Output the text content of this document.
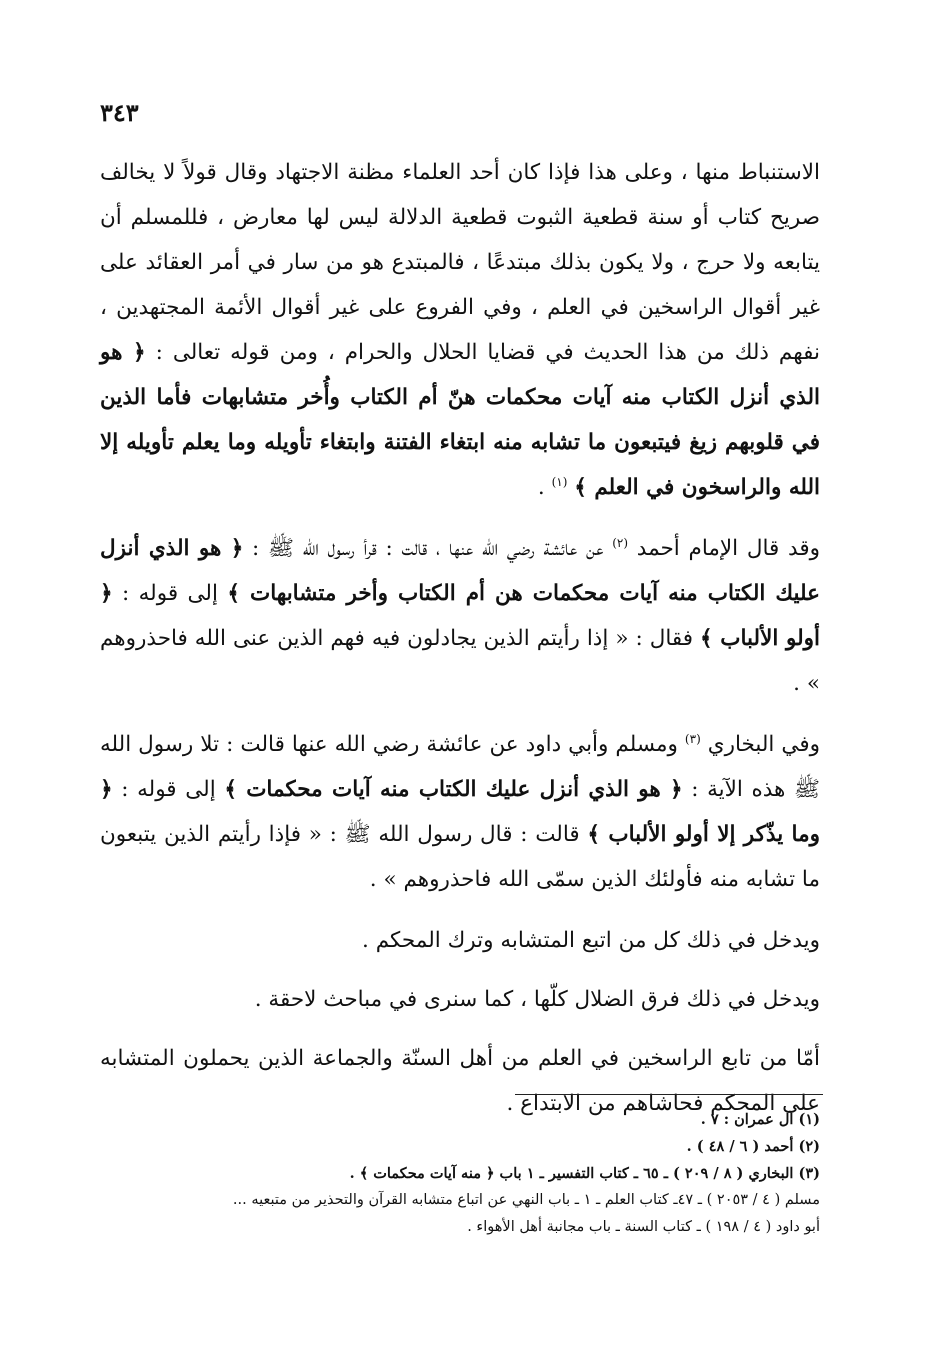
٣٤٣

الاستنباط منها ، وعلى هذا فإذا كان أحد العلماء مظنة الاجتهاد وقال قولاً لا يخالف صريح كتاب أو سنة قطعية الثبوت قطعية الدلالة ليس لها معارض ، فللمسلم أن يتابعه ولا حرج ، ولا يكون بذلك مبتدعًا ، فالمبتدع هو من سار في أمر العقائد على غير أقوال الراسخين في العلم ، وفي الفروع على غير أقوال الأئمة المجتهدين ، نفهم ذلك من هذا الحديث في قضايا الحلال والحرام ، ومن قوله تعالى : ﴿ هو الذي أنزل الكتاب منه آيات محكمات هنّ أم الكتاب وأُخر متشابهات فأما الذين في قلوبهم زيغ فيتبعون ما تشابه منه ابتغاء الفتنة وابتغاء تأويله وما يعلم تأويله إلا الله والراسخون في العلم ﴾ $^{(١)}$ .

وقد قال الإمام أحمد $^{(٢)}$ عن عائشة رضي الله عنها ، قالت : قرأ رسول الله ﷺ : ﴿ هو الذي أنزل عليك الكتاب منه آيات محكمات هن أم الكتاب وأخر متشابهات ﴾ إلى قوله : ﴿ أولو الألباب ﴾ فقال : « إذا رأيتم الذين يجادلون فيه فهم الذين عنى الله فاحذروهم » .

وفي البخاري $^{(٣)}$ ومسلم وأبي داود عن عائشة رضي الله عنها قالت : تلا رسول الله ﷺ هذه الآية : ﴿ هو الذي أنزل عليك الكتاب منه آيات محكمات ﴾ إلى قوله : ﴿ وما يذّكر إلا أولو الألباب ﴾ قالت : قال رسول الله ﷺ : « فإذا رأيتم الذين يتبعون ما تشابه منه فأولئك الذين سمّى الله فاحذروهم » .

ويدخل في ذلك كل من اتبع المتشابه وترك المحكم .

ويدخل في ذلك فرق الضلال كلّها ، كما سنرى في مباحث لاحقة .

أمّا من تابع الراسخين في العلم من أهل السنّة والجماعة الذين يحملون المتشابه على المحكم فحاشاهم من الابتداع .

(١) آل عمران : ٧ .
(٢) أحمد ( ٦ / ٤٨ ) .
(٣) البخاري ( ٨ / ٢٠٩ ) ـ ٦٥ ـ كتاب التفسير ـ ١ باب ﴿ منه آيات محكمات ﴾ .
مسلم ( ٤ / ٢٠٥٣ ) ـ ٤٧ـ كتاب العلم ـ ١ ـ باب النهي عن اتباع متشابه القرآن والتحذير من متبعيه ...
أبو داود ( ٤ / ١٩٨ ) ـ كتاب السنة ـ باب مجانبة أهل الأهواء .
